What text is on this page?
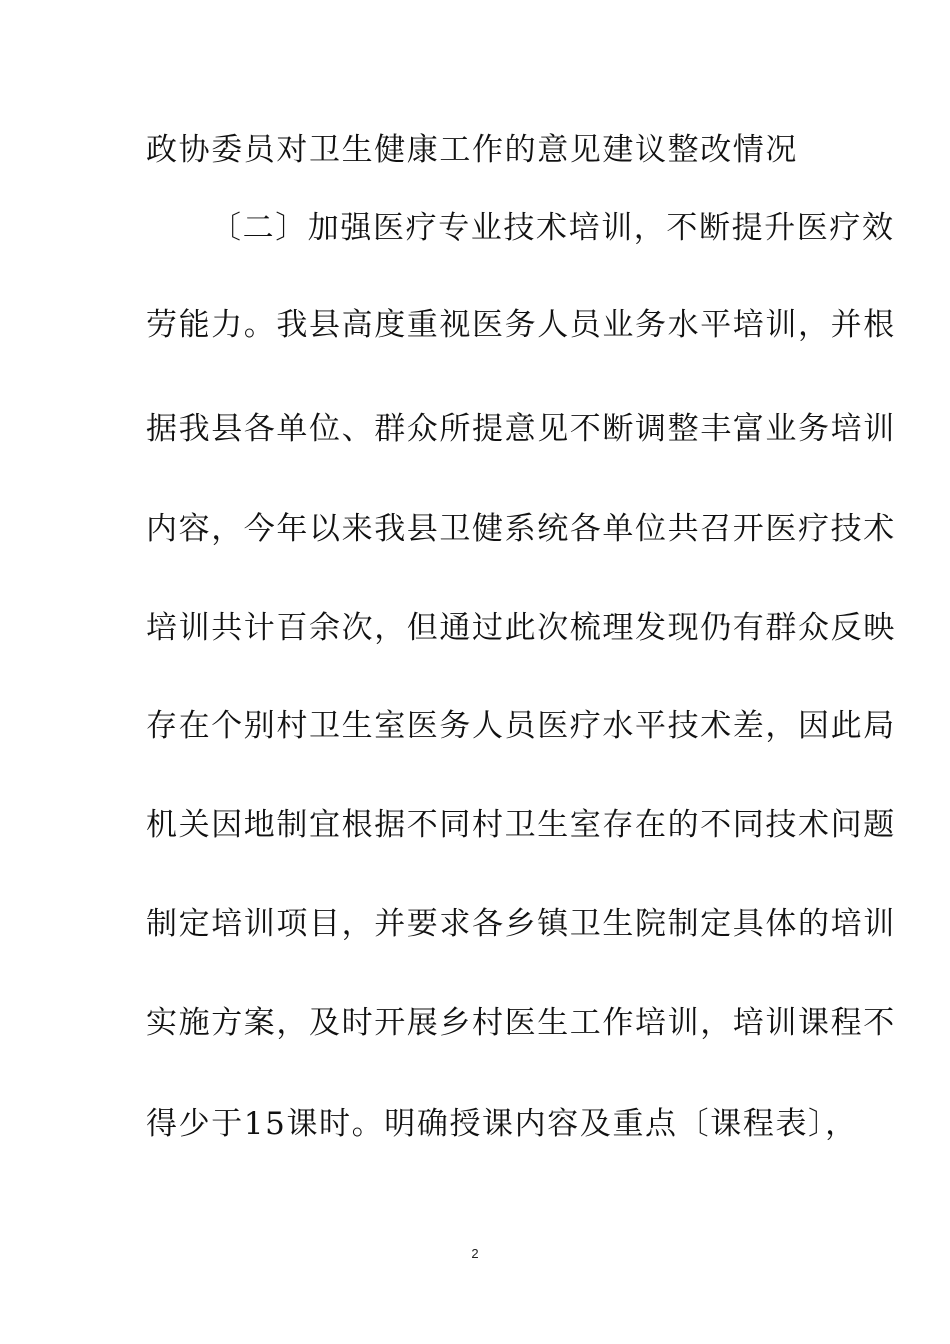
政协委员对卫生健康工作的意见建议整改情况
〔二〕加强医疗专业技术培训，不断提升医疗效
劳能力。我县高度重视医务人员业务水平培训，并根
据我县各单位、群众所提意见不断调整丰富业务培训
内容，今年以来我县卫健系统各单位共召开医疗技术
培训共计百余次，但通过此次梳理发现仍有群众反映
存在个别村卫生室医务人员医疗水平技术差，因此局
机关因地制宜根据不同村卫生室存在的不同技术问题
制定培训项目，并要求各乡镇卫生院制定具体的培训
实施方案，及时开展乡村医生工作培训，培训课程不
得少于15课时。明确授课内容及重点〔课程表〕，
2
